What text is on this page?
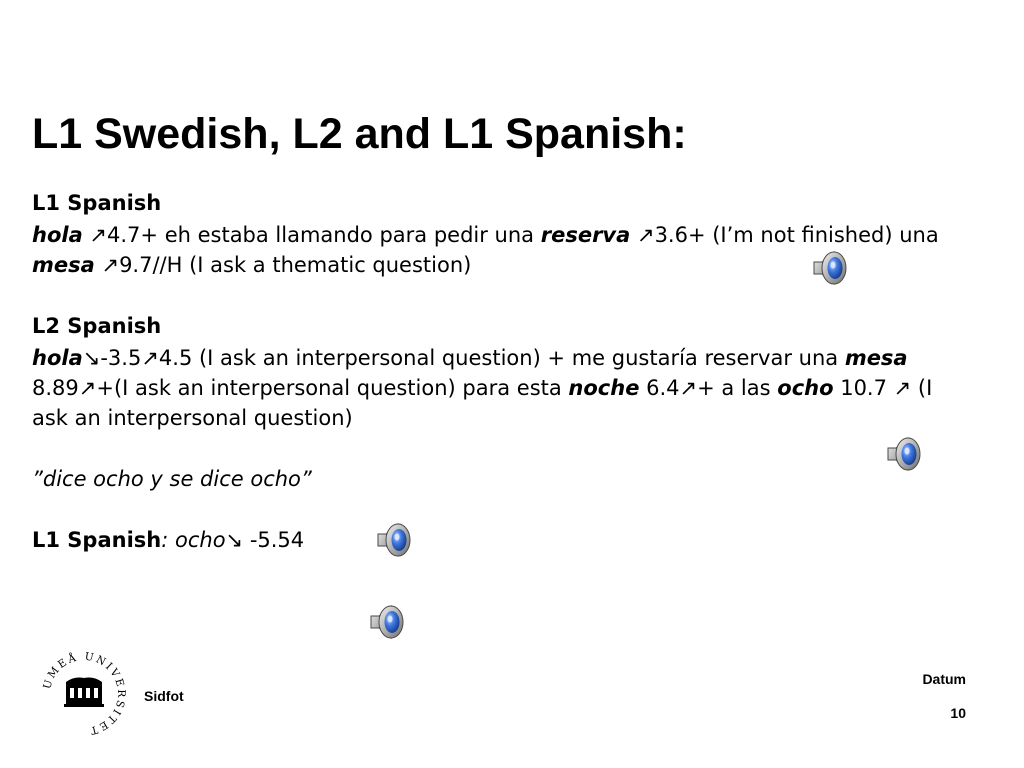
L1 Swedish, L2 and L1 Spanish:
L1 Spanish

hola ↗4.7+ eh estaba llamando para pedir una reserva ↗3.6+ (I’m not finished) una mesa ↗9.7//H (I ask a thematic question)

L2 Spanish

hola↘-3.5↗4.5 (I ask an interpersonal question) + me gustaría reservar una mesa 8.89↗+(I ask an interpersonal question) para esta noche 6.4↗+ a las ocho 10.7 ↗ (I ask an interpersonal question)

”dice ocho y se dice ocho”

L1 Spanish: ocho↘ -5.54

UMEÅ UNIVERSITET
Sidfot
Datum
10
